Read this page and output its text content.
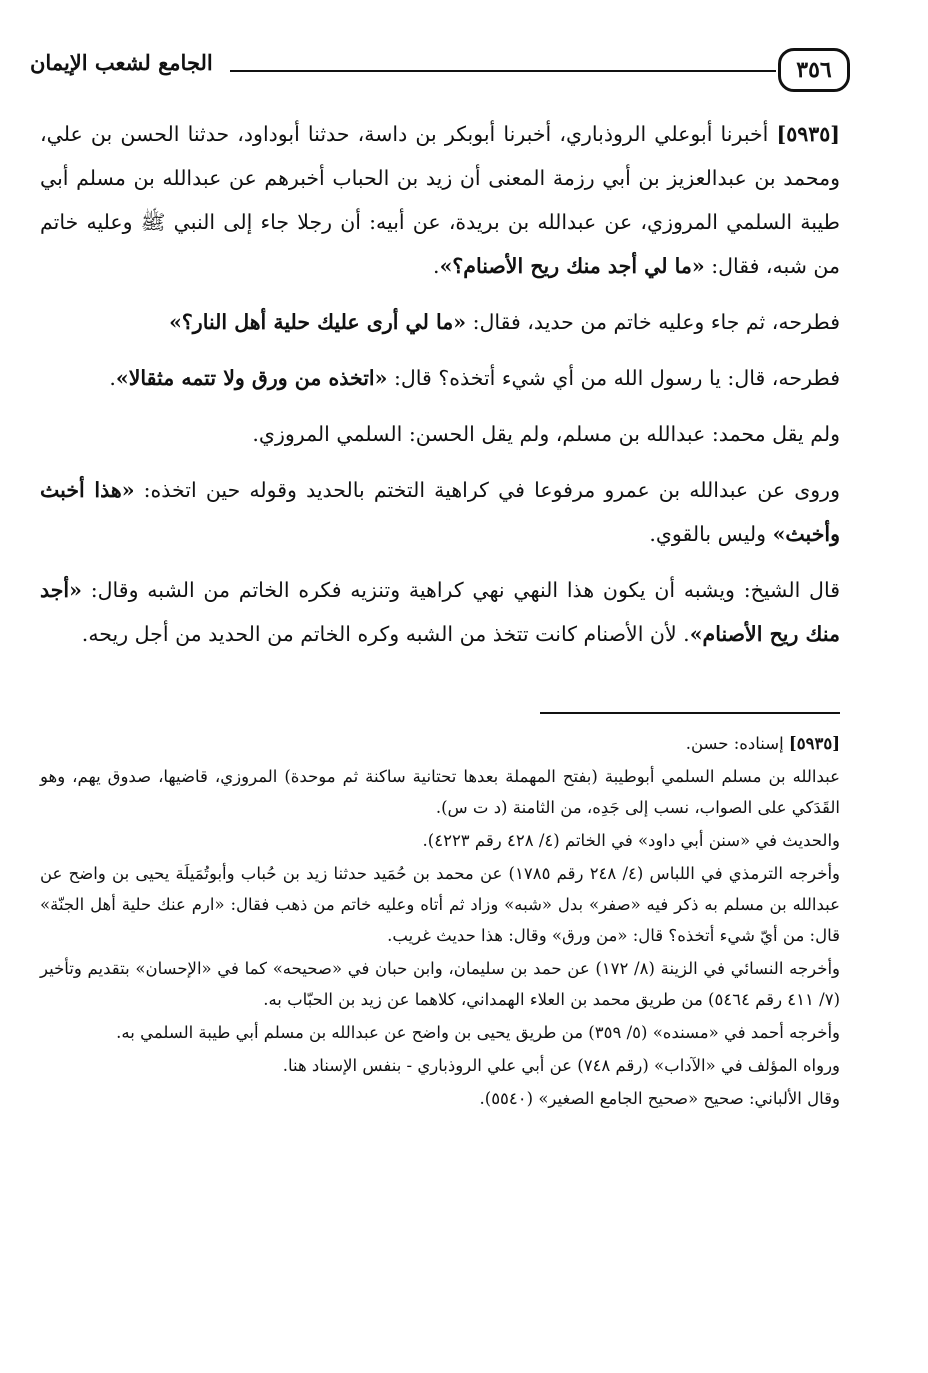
الجامع لشعب الإيمان	٣٥٦

[٥٩٣٥] أخبرنا أبوعلي الروذباري، أخبرنا أبوبكر بن داسة، حدثنا أبوداود، حدثنا الحسن بن علي، ومحمد بن عبدالعزيز بن أبي رزمة المعنى أن زيد بن الحباب أخبرهم عن عبدالله بن مسلم أبي طيبة السلمي المروزي، عن عبدالله بن بريدة، عن أبيه: أن رجلا جاء إلى النبي ﷺ وعليه خاتم من شبه، فقال: «ما لي أجد منك ريح الأصنام؟».

فطرحه، ثم جاء وعليه خاتم من حديد، فقال: «ما لي أرى عليك حلية أهل النار؟»

فطرحه، قال: يا رسول الله من أي شيء أتخذه؟ قال: «اتخذه من ورق ولا تتمه مثقالا».

ولم يقل محمد: عبدالله بن مسلم، ولم يقل الحسن: السلمي المروزي.

وروى عن عبدالله بن عمرو مرفوعا في كراهية التختم بالحديد وقوله حين اتخذه: «هذا أخبث وأخبث» وليس بالقوي.

قال الشيخ: ويشبه أن يكون هذا النهي نهي كراهية وتنزيه فكره الخاتم من الشبه وقال: «أجد منك ريح الأصنام». لأن الأصنام كانت تتخذ من الشبه وكره الخاتم من الحديد من أجل ريحه.

[٥٩٣٥] إسناده: حسن.

عبدالله بن مسلم السلمي أبوطيبة (بفتح المهملة بعدها تحتانية ساكنة ثم موحدة) المروزي، قاضيها، صدوق يهم، وهو القَدَكي على الصواب، نسب إلى جَدِه، من الثامنة (د ت س).

والحديث في «سنن أبي داود» في الخاتم (٤/ ٤٢٨ رقم ٤٢٢٣).

وأخرجه الترمذي في اللباس (٤/ ٢٤٨ رقم ١٧٨٥) عن محمد بن حُمَيد حدثنا زيد بن حُباب وأبوتُمَيلَة يحيى بن واضح عن عبدالله بن مسلم به ذكر فيه «صفر» بدل «شبه» وزاد ثم أتاه وعليه خاتم من ذهب فقال: «ارم عنك حلية أهل الجنّة» قال: من أيّ شيء أتخذه؟ قال: «من ورق» وقال: هذا حديث غريب.

وأخرجه النسائي في الزينة (٨/ ١٧٢) عن حمد بن سليمان، وابن حبان في «صحيحه» كما في «الإحسان» بتقديم وتأخير (٧/ ٤١١ رقم ٥٤٦٤) من طريق محمد بن العلاء الهمداني، كلاهما عن زيد بن الحبّاب به.

وأخرجه أحمد في «مسنده» (٥/ ٣٥٩) من طريق يحيى بن واضح عن عبدالله بن مسلم أبي طيبة السلمي به.

ورواه المؤلف في «الآداب» (رقم ٧٤٨) عن أبي علي الروذباري - بنفس الإسناد هنا.

وقال الألباني: صحيح «صحيح الجامع الصغير» (٥٥٤٠).
